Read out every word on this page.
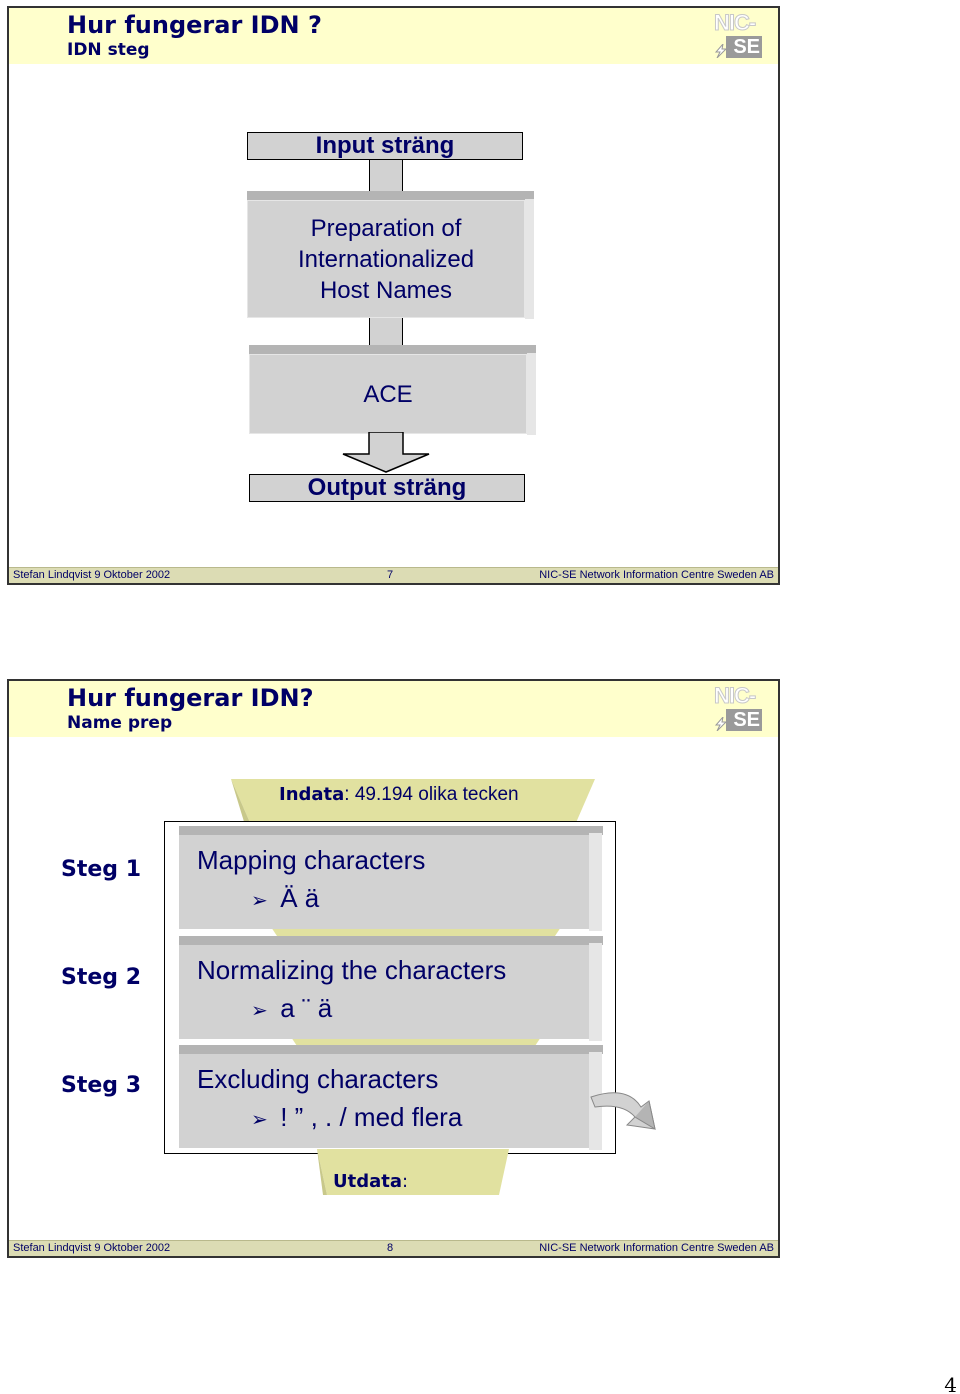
Hur fungerar IDN ?
IDN steg
NIC-
SE
Input sträng
Preparation of
Internationalized
Host Names
ACE
Output sträng
Stefan Lindqvist 9 Oktober 2002	7	NIC-SE Network Information Centre Sweden AB
Hur fungerar IDN?
Name prep
NIC-
SE
Indata: 49.194 olika tecken
Steg 1 Mapping characters
➢ Ä ä
Steg 2 Normalizing the characters
➢ a ¨ ä
Steg 3 Excluding characters
➢ ! ” , . / med flera
Utdata:
Stefan Lindqvist 9 Oktober 2002	8	NIC-SE Network Information Centre Sweden AB
4
